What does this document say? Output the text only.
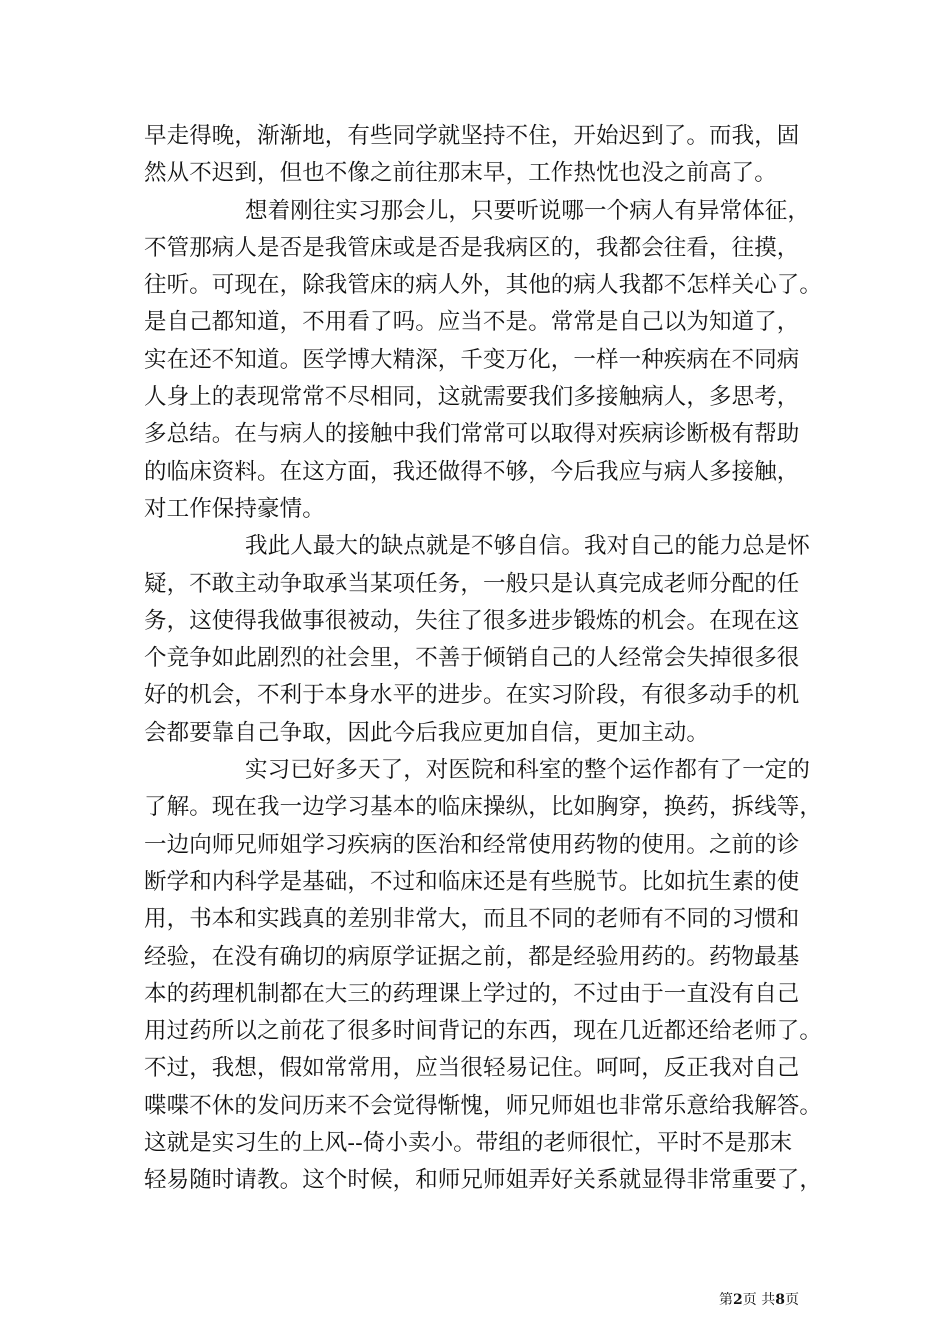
早走得晚，渐渐地，有些同学就坚持不住，开始迟到了。而我，固
然从不迟到，但也不像之前往那末早，工作热忱也没之前高了。
想着刚往实习那会儿，只要听说哪一个病人有异常体征，
不管那病人是否是我管床或是否是我病区的，我都会往看，往摸，
往听。可现在，除我管床的病人外，其他的病人我都不怎样关心了。
是自己都知道，不用看了吗。应当不是。常常是自己以为知道了，
实在还不知道。医学博大精深，千变万化，一样一种疾病在不同病
人身上的表现常常不尽相同，这就需要我们多接触病人，多思考，
多总结。在与病人的接触中我们常常可以取得对疾病诊断极有帮助
的临床资料。在这方面，我还做得不够，今后我应与病人多接触，
对工作保持豪情。
我此人最大的缺点就是不够自信。我对自己的能力总是怀
疑，不敢主动争取承当某项任务，一般只是认真完成老师分配的任
务，这使得我做事很被动，失往了很多进步锻炼的机会。在现在这
个竞争如此剧烈的社会里，不善于倾销自己的人经常会失掉很多很
好的机会，不利于本身水平的进步。在实习阶段，有很多动手的机
会都要靠自己争取，因此今后我应更加自信，更加主动。
实习已好多天了，对医院和科室的整个运作都有了一定的
了解。现在我一边学习基本的临床操纵，比如胸穿，换药，拆线等，
一边向师兄师姐学习疾病的医治和经常使用药物的使用。之前的诊
断学和内科学是基础，不过和临床还是有些脱节。比如抗生素的使
用，书本和实践真的差别非常大，而且不同的老师有不同的习惯和
经验，在没有确切的病原学证据之前，都是经验用药的。药物最基
本的药理机制都在大三的药理课上学过的，不过由于一直没有自己
用过药所以之前花了很多时间背记的东西，现在几近都还给老师了。
不过，我想，假如常常用，应当很轻易记住。呵呵，反正我对自己
喋喋不休的发问历来不会觉得惭愧，师兄师姐也非常乐意给我解答。
这就是实习生的上风--倚小卖小。带组的老师很忙，平时不是那末
轻易随时请教。这个时候，和师兄师姐弄好关系就显得非常重要了，
第2页 共8页
